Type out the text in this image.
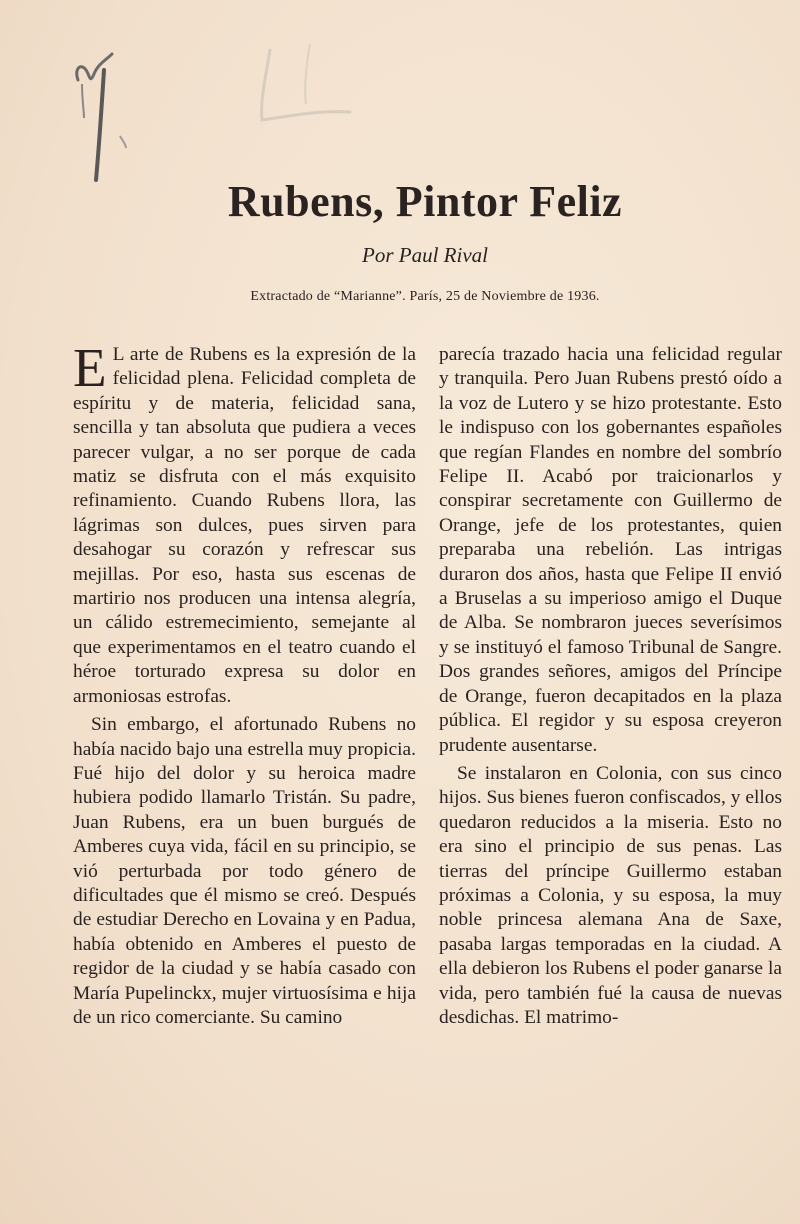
Rubens, Pintor Feliz
Por Paul Rival
Extractado de “Marianne”. París, 25 de Noviembre de 1936.

E L arte de Rubens es la expresión de la felicidad plena. Felicidad completa de espíritu y de materia, felicidad sana, sencilla y tan absoluta que pudiera a veces parecer vulgar, a no ser porque de cada matiz se disfruta con el más exquisito refinamiento. Cuando Rubens llora, las lágrimas son dulces, pues sirven para desahogar su corazón y refrescar sus mejillas. Por eso, hasta sus escenas de martirio nos producen una intensa alegría, un cálido estremecimiento, semejante al que experimentamos en el teatro cuando el héroe torturado expresa su dolor en armoniosas estrofas.

Sin embargo, el afortunado Rubens no había nacido bajo una estrella muy propicia. Fué hijo del dolor y su heroica madre hubiera podido llamarlo Tristán. Su padre, Juan Rubens, era un buen burgués de Amberes cuya vida, fácil en su principio, se vió perturbada por todo género de dificultades que él mismo se creó. Después de estudiar Derecho en Lovaina y en Padua, había obtenido en Amberes el puesto de regidor de la ciudad y se había casado con María Pupelinckx, mujer virtuosísima e hija de un rico comerciante. Su camino

parecía trazado hacia una felicidad regular y tranquila. Pero Juan Rubens prestó oído a la voz de Lutero y se hizo protestante. Esto le indispuso con los gobernantes españoles que regían Flandes en nombre del sombrío Felipe II. Acabó por traicionarlos y conspirar secretamente con Guillermo de Orange, jefe de los protestantes, quien preparaba una rebelión. Las intrigas duraron dos años, hasta que Felipe II envió a Bruselas a su imperioso amigo el Duque de Alba. Se nombraron jueces severísimos y se instituyó el famoso Tribunal de Sangre. Dos grandes señores, amigos del Príncipe de Orange, fueron decapitados en la plaza pública. El regidor y su esposa creyeron prudente ausentarse.

Se instalaron en Colonia, con sus cinco hijos. Sus bienes fueron confiscados, y ellos quedaron reducidos a la miseria. Esto no era sino el principio de sus penas. Las tierras del príncipe Guillermo estaban próximas a Colonia, y su esposa, la muy noble princesa alemana Ana de Saxe, pasaba largas temporadas en la ciudad. A ella debieron los Rubens el poder ganarse la vida, pero también fué la causa de nuevas desdichas. El matrimo-
